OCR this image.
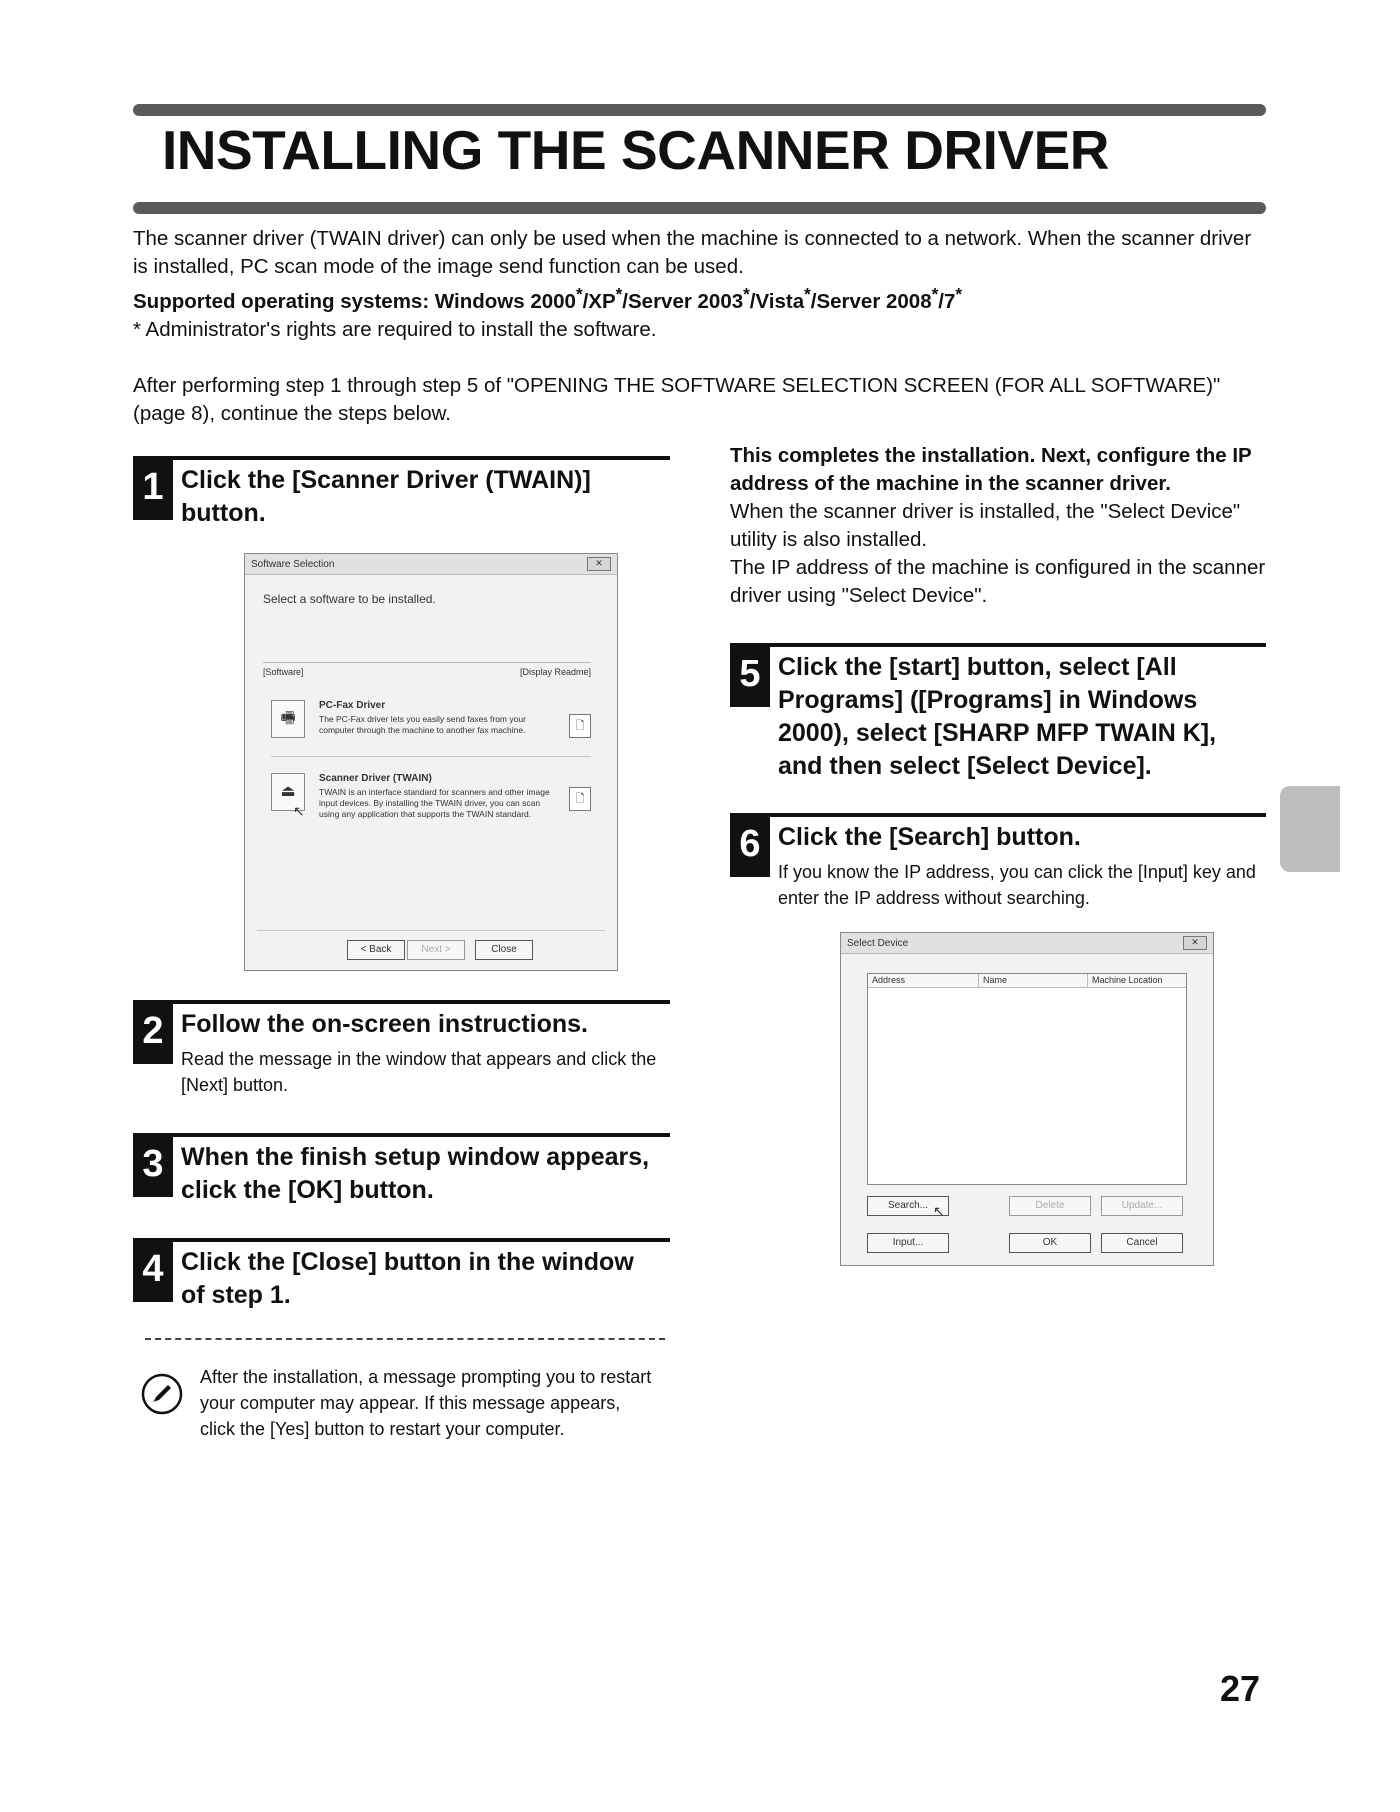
INSTALLING THE SCANNER DRIVER

The scanner driver (TWAIN driver) can only be used when the machine is connected to a network. When the scanner driver is installed, PC scan mode of the image send function can be used.

Supported operating systems: Windows 2000*/XP*/Server 2003*/Vista*/Server 2008*/7*

* Administrator's rights are required to install the software.

After performing step 1 through step 5 of "OPENING THE SOFTWARE SELECTION SCREEN (FOR ALL SOFTWARE)" (page 8), continue the steps below.

1 Click the [Scanner Driver (TWAIN)] button.
Software Selection	✕
Select a software to be installed.
[Software]	[Display Readme]
🖷
PC-Fax Driver
The PC-Fax driver lets you easily send faxes from your computer through the machine to another fax machine.	🗋
⏏
Scanner Driver (TWAIN)
TWAIN is an interface standard for scanners and other image input devices. By installing the TWAIN driver, you can scan using any application that supports the TWAIN standard.
🗋
↖
< Back	Next >	Close
2 Follow the on-screen instructions.
Read the message in the window that appears and click the [Next] button.
3 When the finish setup window appears, click the [OK] button.
4 Click the [Close] button in the window of step 1.
After the installation, a message prompting you to restart your computer may appear. If this message appears, click the [Yes] button to restart your computer.

This completes the installation. Next, configure the IP address of the machine in the scanner driver.

When the scanner driver is installed, the "Select Device" utility is also installed.

The IP address of the machine is configured in the scanner driver using "Select Device".

5 Click the [start] button, select [All Programs] ([Programs] in Windows 2000), select [SHARP MFP TWAIN K], and then select [Select Device].
6 Click the [Search] button.
If you know the IP address, you can click the [Input] key and enter the IP address without searching.
Select Device	✕
Address	Name	Machine Location
Search... ↖	Delete	Update...
Input...	OK	Cancel
27
